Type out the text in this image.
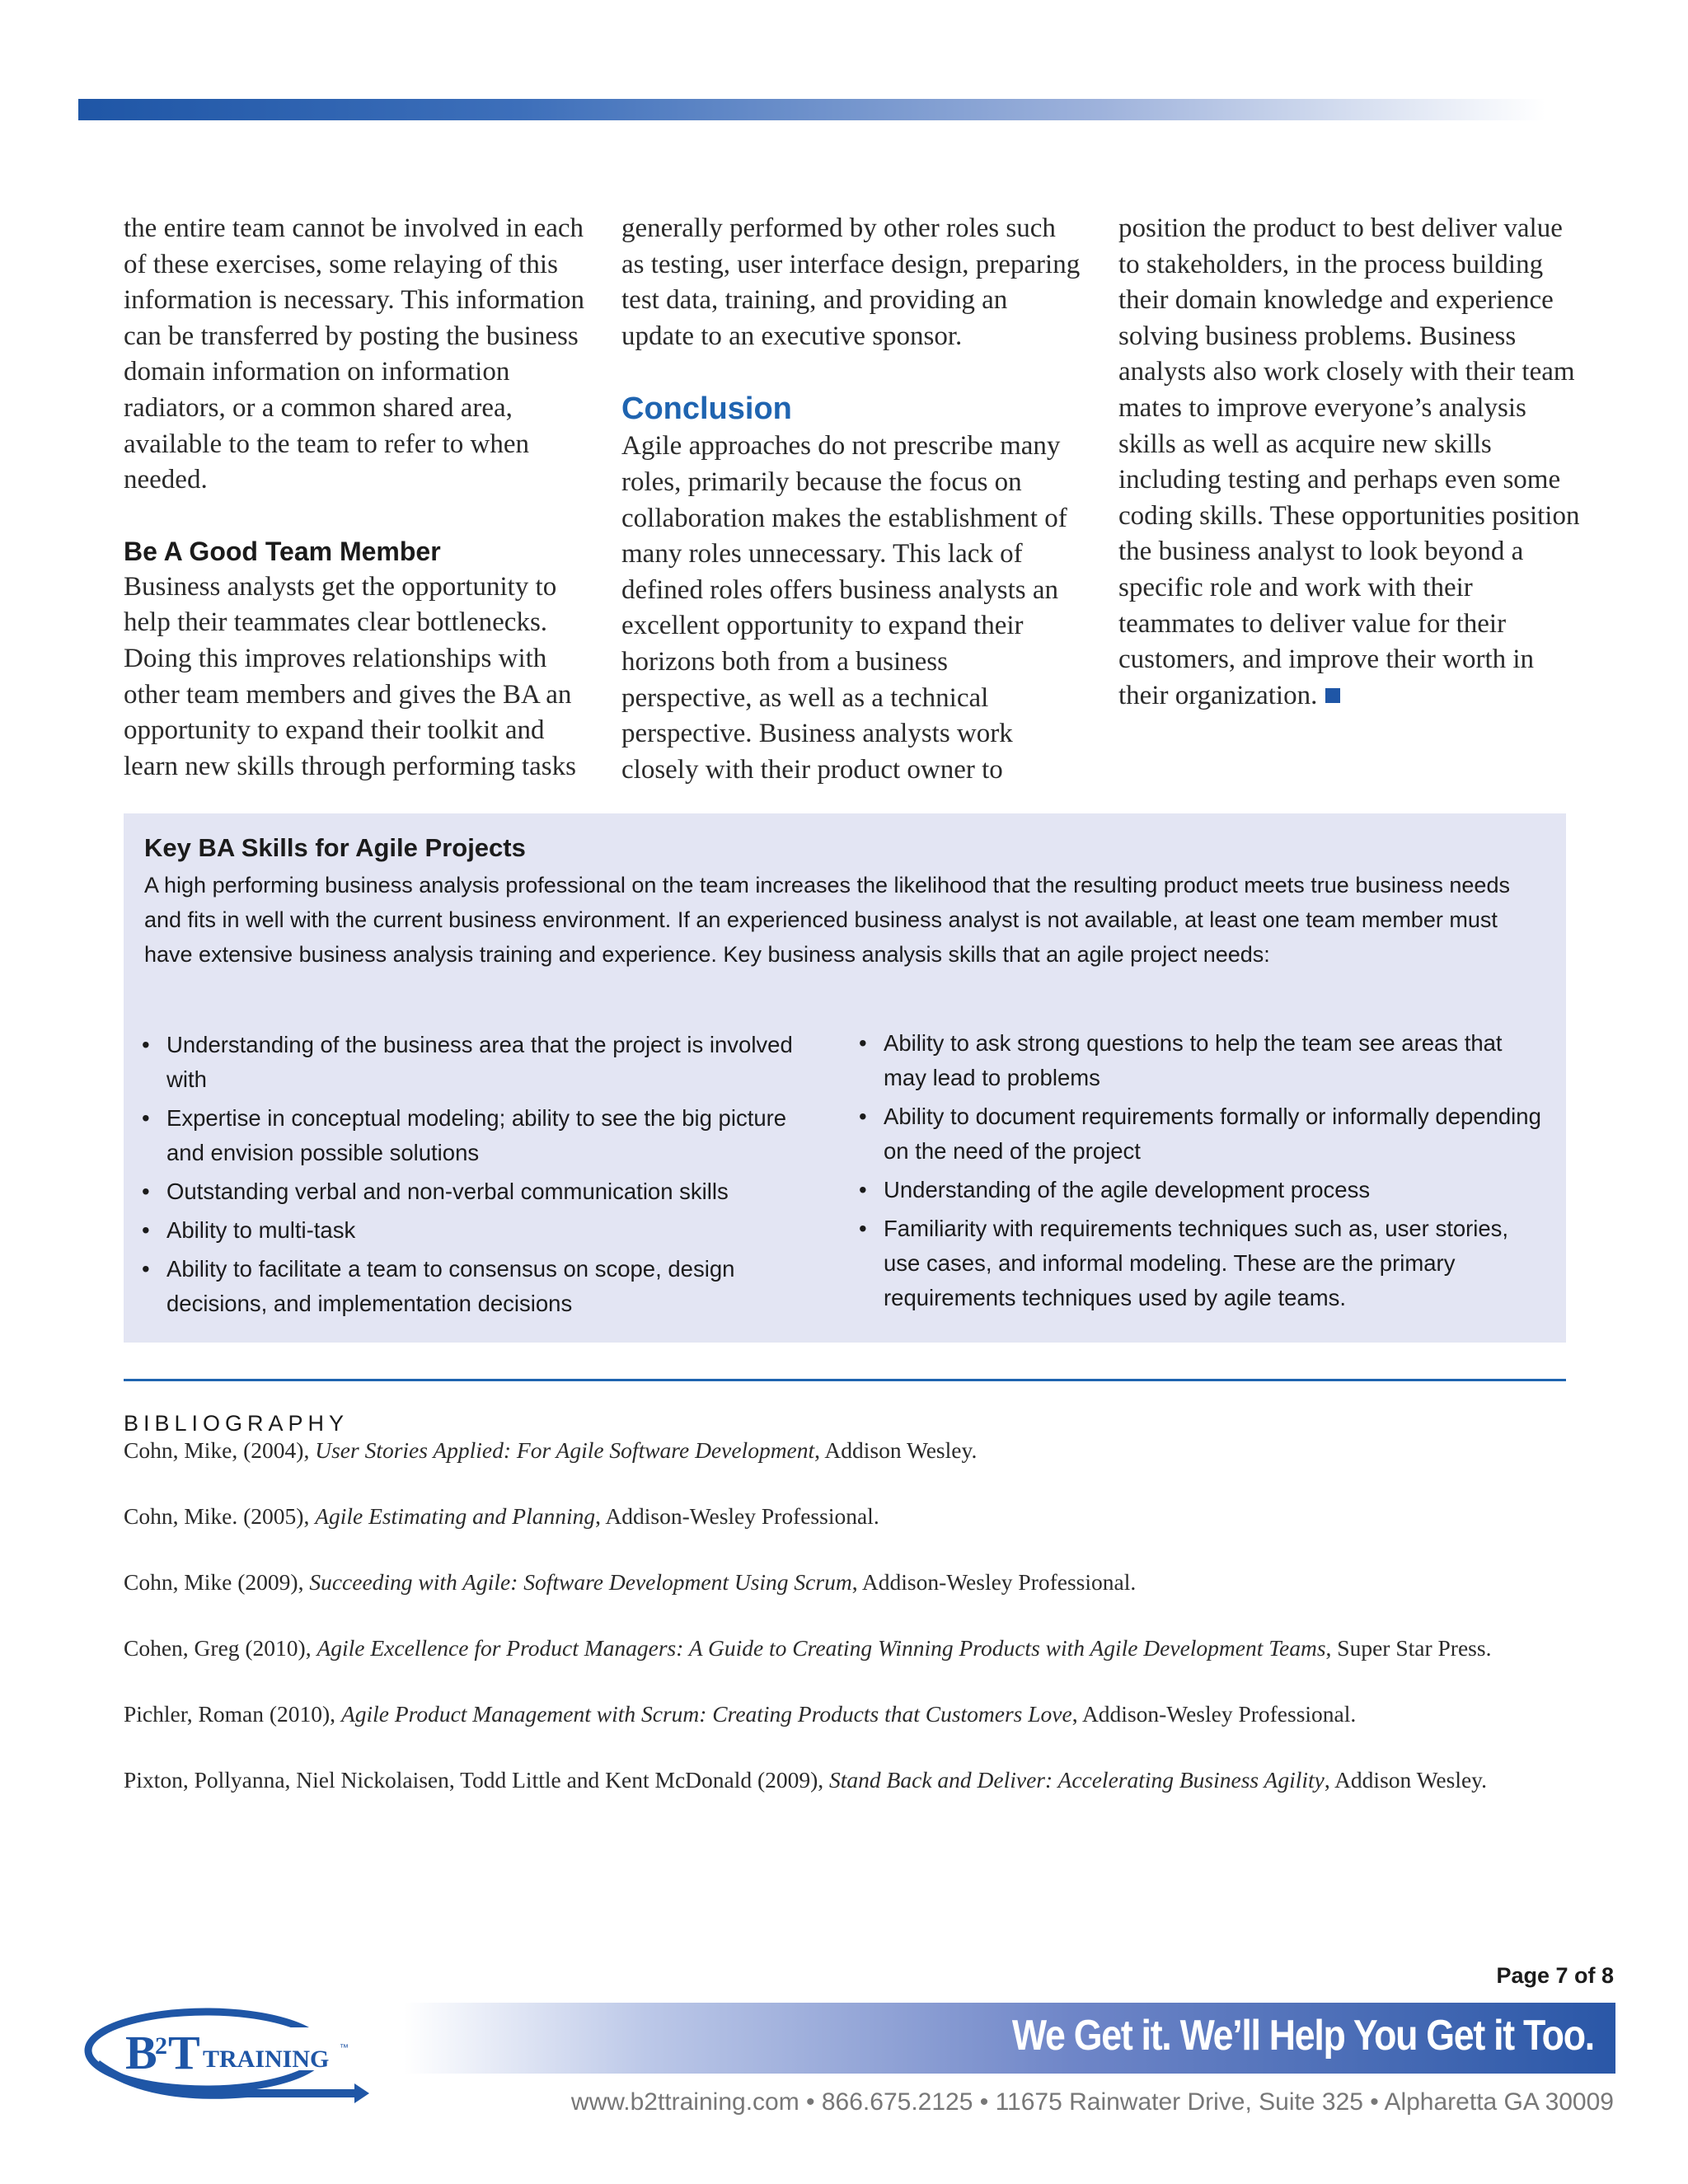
the entire team cannot be involved in each of these exercises, some relaying of this information is necessary. This information can be transferred by posting the business domain information on information radiators, or a common shared area, available to the team to refer to when needed.

Be A Good Team Member

Business analysts get the opportunity to help their teammates clear bottlenecks. Doing this improves relationships with other team members and gives the BA an opportunity to expand their toolkit and learn new skills through performing tasks

generally performed by other roles such as testing, user interface design, preparing test data, training, and providing an update to an executive sponsor.

Conclusion

Agile approaches do not prescribe many roles, primarily because the focus on collaboration makes the establishment of many roles unnecessary. This lack of defined roles offers business analysts an excellent opportunity to expand their horizons both from a business perspective, as well as a technical perspective. Business analysts work closely with their product owner to

position the product to best deliver value to stakeholders, in the process building their domain knowledge and experience solving business problems. Business analysts also work closely with their team mates to improve everyone’s analysis skills as well as acquire new skills including testing and perhaps even some coding skills. These opportunities position the business analyst to look beyond a specific role and work with their teammates to deliver value for their customers, and improve their worth in their organization.

Key BA Skills for Agile Projects
A high performing business analysis professional on the team increases the likelihood that the resulting product meets true business needs and fits in well with the current business environment. If an experienced business analyst is not available, at least one team member must have extensive business analysis training and experience. Key business analysis skills that an agile project needs:
• Understanding of the business area that the project is involved with
• Expertise in conceptual modeling; ability to see the big picture and envision possible solutions
• Outstanding verbal and non-verbal communication skills
• Ability to multi-task
• Ability to facilitate a team to consensus on scope, design decisions, and implementation decisions
• Ability to ask strong questions to help the team see areas that may lead to problems
• Ability to document requirements formally or informally depending on the need of the project
• Understanding of the agile development process
• Familiarity with requirements techniques such as, user stories, use cases, and informal modeling. These are the primary requirements techniques used by agile teams.
BIBLIOGRAPHY
Cohn, Mike, (2004), User Stories Applied: For Agile Software Development, Addison Wesley.
Cohn, Mike. (2005), Agile Estimating and Planning, Addison-Wesley Professional.
Cohn, Mike (2009), Succeeding with Agile: Software Development Using Scrum, Addison-Wesley Professional.
Cohen, Greg (2010), Agile Excellence for Product Managers: A Guide to Creating Winning Products with Agile Development Teams, Super Star Press.
Pichler, Roman (2010), Agile Product Management with Scrum: Creating Products that Customers Love, Addison-Wesley Professional.
Pixton, Pollyanna, Niel Nickolaisen, Todd Little and Kent McDonald (2009), Stand Back and Deliver: Accelerating Business Agility, Addison Wesley.
Page 7 of 8
B
2 T TRAINING ™	We Get it. We’ll Help You Get it Too.
www.b2ttraining.com • 866.675.2125 • 11675 Rainwater Drive, Suite 325 • Alpharetta GA 30009
